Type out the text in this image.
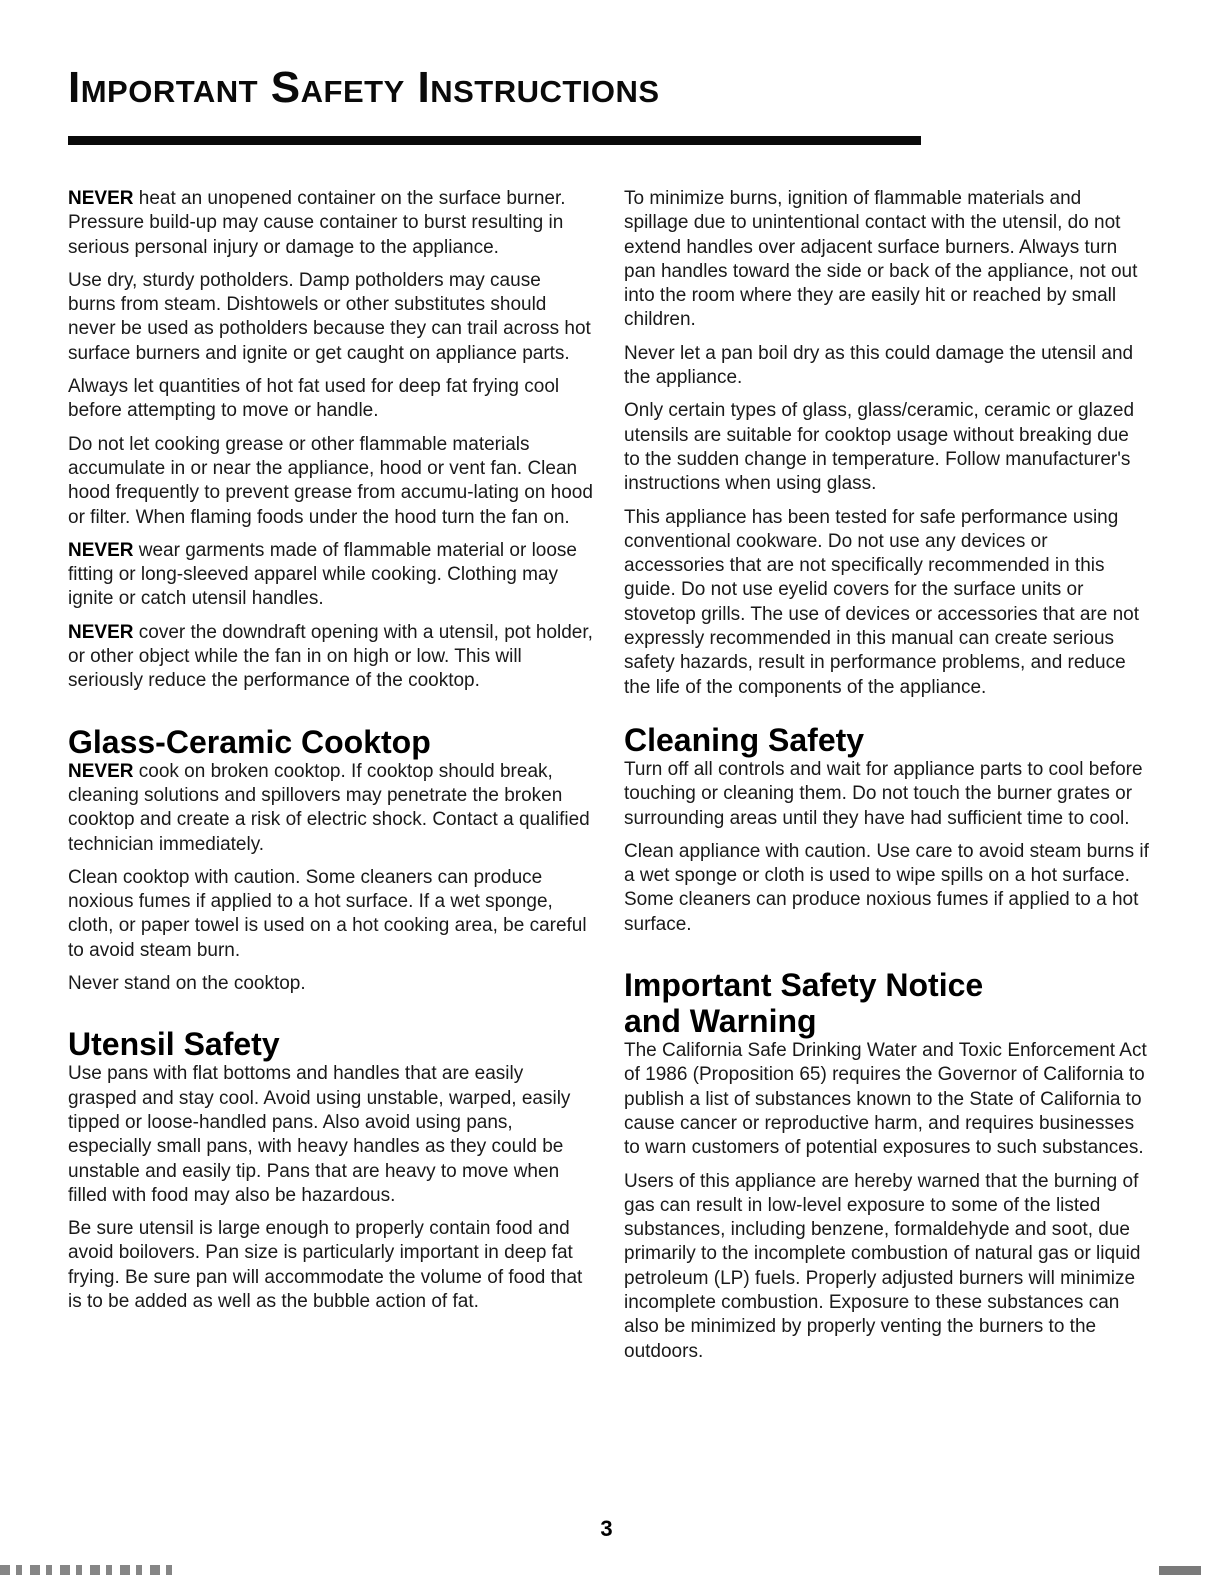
Important Safety Instructions

NEVER heat an unopened container on the surface burner. Pressure build-up may cause container to burst resulting in serious personal injury or damage to the appliance.

Use dry, sturdy potholders. Damp potholders may cause burns from steam. Dishtowels or other substitutes should never be used as potholders because they can trail across hot surface burners and ignite or get caught on appliance parts.

Always let quantities of hot fat used for deep fat frying cool before attempting to move or handle.

Do not let cooking grease or other flammable materials accumulate in or near the appliance, hood or vent fan. Clean hood frequently to prevent grease from accumu-lating on hood or filter. When flaming foods under the hood turn the fan on.

NEVER wear garments made of flammable material or loose fitting or long-sleeved apparel while cooking. Clothing may ignite or catch utensil handles.

NEVER cover the downdraft opening with a utensil, pot holder, or other object while the fan in on high or low. This will seriously reduce the performance of the cooktop.

Glass-Ceramic Cooktop

NEVER cook on broken cooktop. If cooktop should break, cleaning solutions and spillovers may penetrate the broken cooktop and create a risk of electric shock. Contact a qualified technician immediately.

Clean cooktop with caution. Some cleaners can produce noxious fumes if applied to a hot surface. If a wet sponge, cloth, or paper towel is used on a hot cooking area, be careful to avoid steam burn.

Never stand on the cooktop.

Utensil Safety

Use pans with flat bottoms and handles that are easily grasped and stay cool. Avoid using unstable, warped, easily tipped or loose-handled pans. Also avoid using pans, especially small pans, with heavy handles as they could be unstable and easily tip. Pans that are heavy to move when filled with food may also be hazardous.

Be sure utensil is large enough to properly contain food and avoid boilovers. Pan size is particularly important in deep fat frying. Be sure pan will accommodate the volume of food that is to be added as well as the bubble action of fat.

To minimize burns, ignition of flammable materials and spillage due to unintentional contact with the utensil, do not extend handles over adjacent surface burners. Always turn pan handles toward the side or back of the appliance, not out into the room where they are easily hit or reached by small children.

Never let a pan boil dry as this could damage the utensil and the appliance.

Only certain types of glass, glass/ceramic, ceramic or glazed utensils are suitable for cooktop usage without breaking due to the sudden change in temperature. Follow manufacturer's instructions when using glass.

This appliance has been tested for safe performance using conventional cookware. Do not use any devices or accessories that are not specifically recommended in this guide. Do not use eyelid covers for the surface units or stovetop grills. The use of devices or accessories that are not expressly recommended in this manual can create serious safety hazards, result in performance problems, and reduce the life of the components of the appliance.

Cleaning Safety

Turn off all controls and wait for appliance parts to cool before touching or cleaning them. Do not touch the burner grates or surrounding areas until they have had sufficient time to cool.

Clean appliance with caution. Use care to avoid steam burns if a wet sponge or cloth is used to wipe spills on a hot surface. Some cleaners can produce noxious fumes if applied to a hot surface.

Important Safety Notice
and Warning

The California Safe Drinking Water and Toxic Enforcement Act of 1986 (Proposition 65) requires the Governor of California to publish a list of substances known to the State of California to cause cancer or reproductive harm, and requires businesses to warn customers of potential exposures to such substances.

Users of this appliance are hereby warned that the burning of gas can result in low-level exposure to some of the listed substances, including benzene, formaldehyde and soot, due primarily to the incomplete combustion of natural gas or liquid petroleum (LP) fuels. Properly adjusted burners will minimize incomplete combustion. Exposure to these substances can also be minimized by properly venting the burners to the outdoors.

3
